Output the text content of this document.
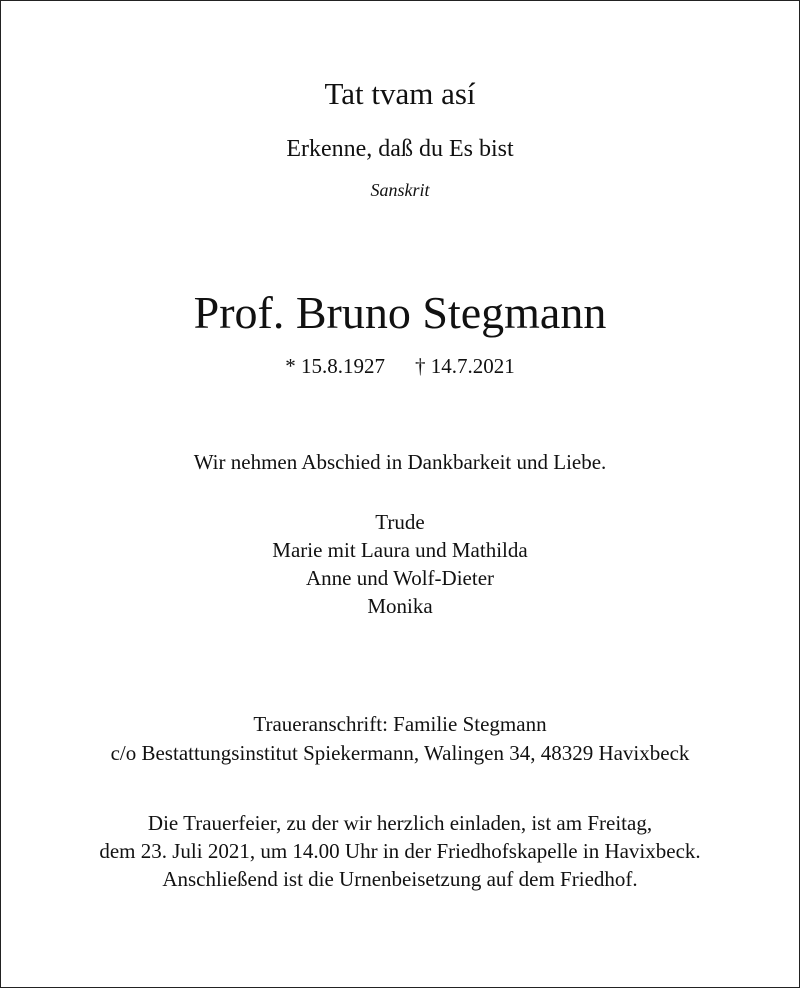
Tat tvam así
Erkenne, daß du Es bist
Sanskrit
Prof. Bruno Stegmann
* 15.8.1927 † 14.7.2021
Wir nehmen Abschied in Dankbarkeit und Liebe.
Trude
Marie mit Laura und Mathilda
Anne und Wolf-Dieter
Monika
Traueranschrift: Familie Stegmann
c/o Bestattungsinstitut Spiekermann, Walingen 34, 48329 Havixbeck
Die Trauerfeier, zu der wir herzlich einladen, ist am Freitag,
dem 23. Juli 2021, um 14.00 Uhr in der Friedhofskapelle in Havixbeck.
Anschließend ist die Urnenbeisetzung auf dem Friedhof.
